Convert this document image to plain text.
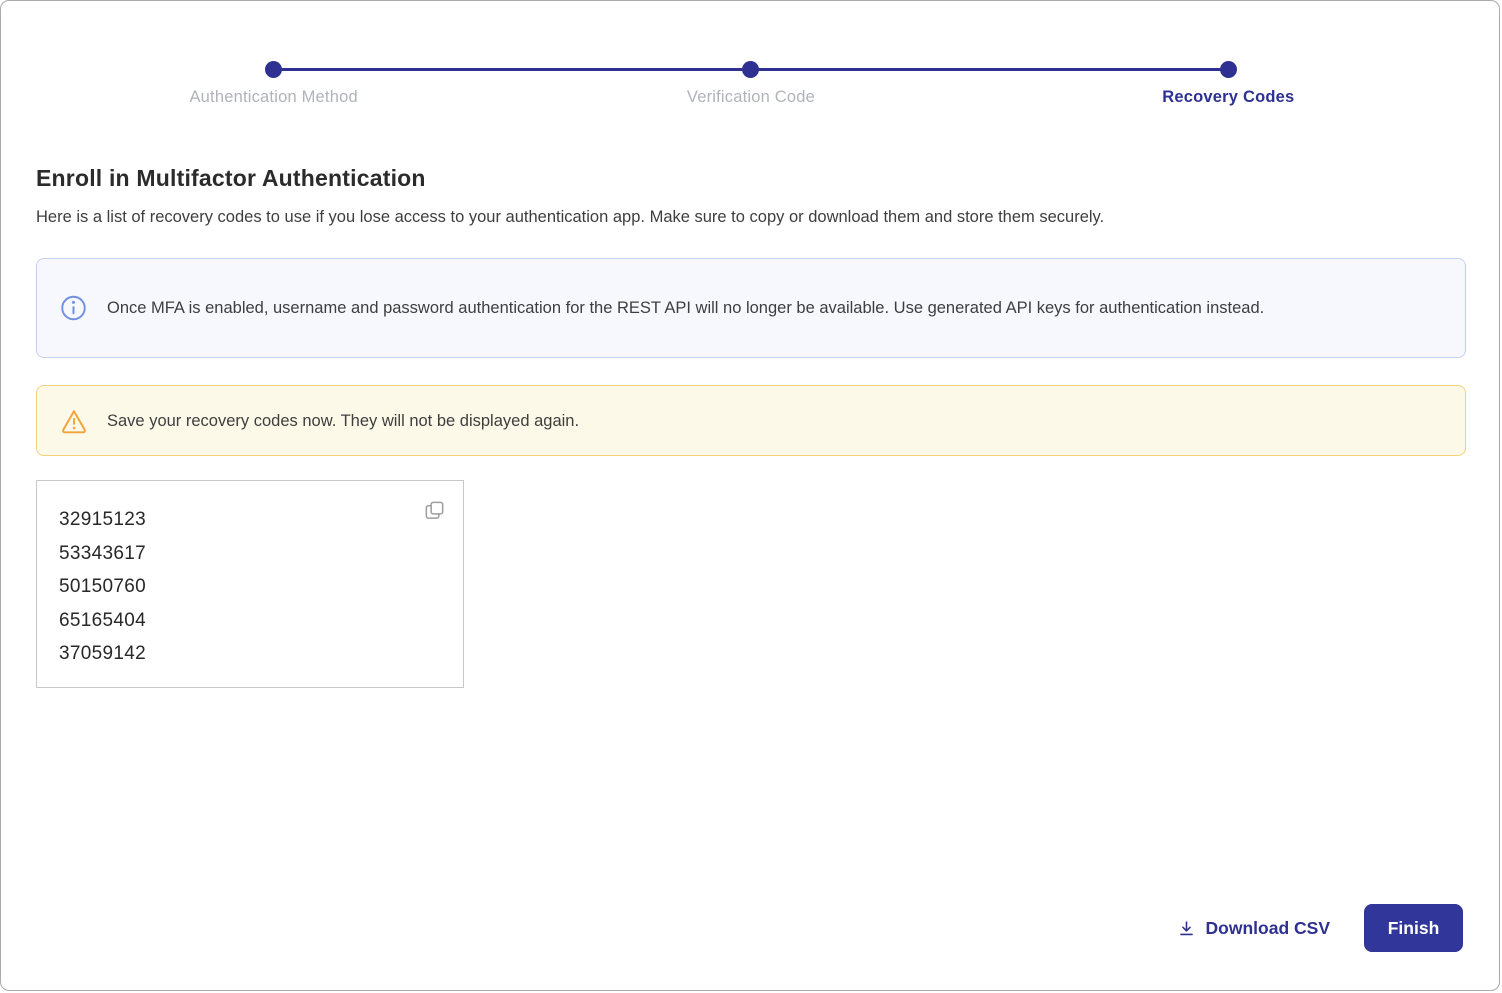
Authentication Method	Verification Code	Recovery Codes
Enroll in Multifactor Authentication

Here is a list of recovery codes to use if you lose access to your authentication app. Make sure to copy or download them and store them securely.

Once MFA is enabled, username and password authentication for the REST API will no longer be available. Use generated API keys for authentication instead.

Save your recovery codes now. They will not be displayed again.

32915123
53343617
50150760
65165404
37059142
Download CSV	Finish
